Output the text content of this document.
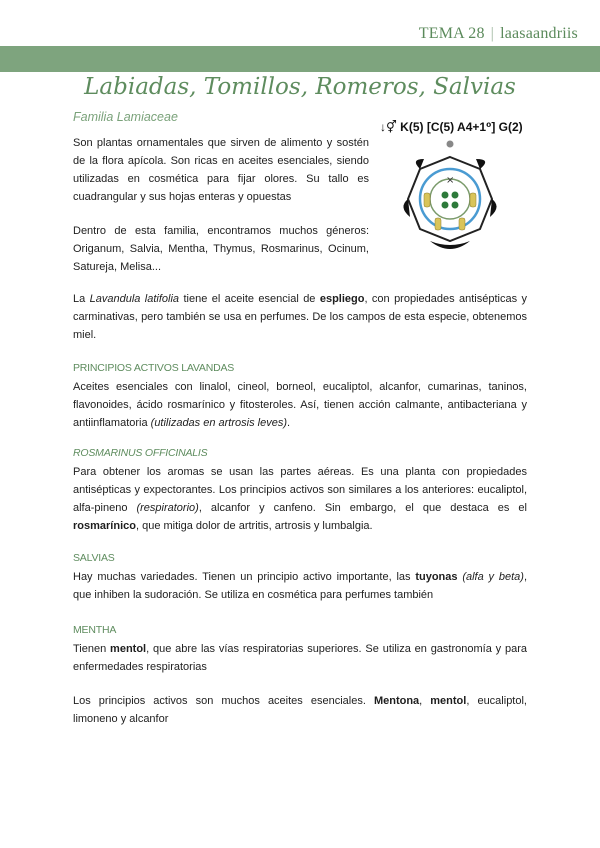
TEMA 28 | laasaandriis
Labiadas, Tomillos, Romeros, Salvias
Familia Lamiaceae

Son plantas ornamentales que sirven de alimento y sostén de la flora apícola. Son ricas en aceites esenciales, siendo utilizadas en cosmética para fijar olores. Su tallo es cuadrangular y sus hojas enteras y opuestas

Dentro de esta familia, encontramos muchos géneros: Origanum, Salvia, Mentha, Thymus, Rosmarinus, Ocinum, Satureja, Melisa...

↓⚥ K(5) [C(5) A4+1⁰] G(2)
×

La Lavandula latifolia tiene el aceite esencial de espliego, con propiedades antisépticas y carminativas, pero también se usa en perfumes. De los campos de esta especie, obtenemos miel.

PRINCIPIOS ACTIVOS LAVANDAS

Aceites esenciales con linalol, cineol, borneol, eucaliptol, alcanfor, cumarinas, taninos, flavonoides, ácido rosmarínico y fitosteroles. Así, tienen acción calmante, antibacteriana y antiinflamatoria (utilizadas en artrosis leves).

ROSMARINUS OFFICINALIS

Para obtener los aromas se usan las partes aéreas. Es una planta con propiedades antisépticas y expectorantes. Los principios activos son similares a los anteriores: eucaliptol, alfa-pineno (respiratorio), alcanfor y canfeno. Sin embargo, el que destaca es el rosmarínico, que mitiga dolor de artritis, artrosis y lumbalgia.

SALVIAS

Hay muchas variedades. Tienen un principio activo importante, las tuyonas (alfa y beta), que inhiben la sudoración. Se utiliza en cosmética para perfumes también

MENTHA

Tienen mentol, que abre las vías respiratorias superiores. Se utiliza en gastronomía y para enfermedades respiratorias

Los principios activos son muchos aceites esenciales. Mentona, mentol, eucaliptol, limoneno y alcanfor
